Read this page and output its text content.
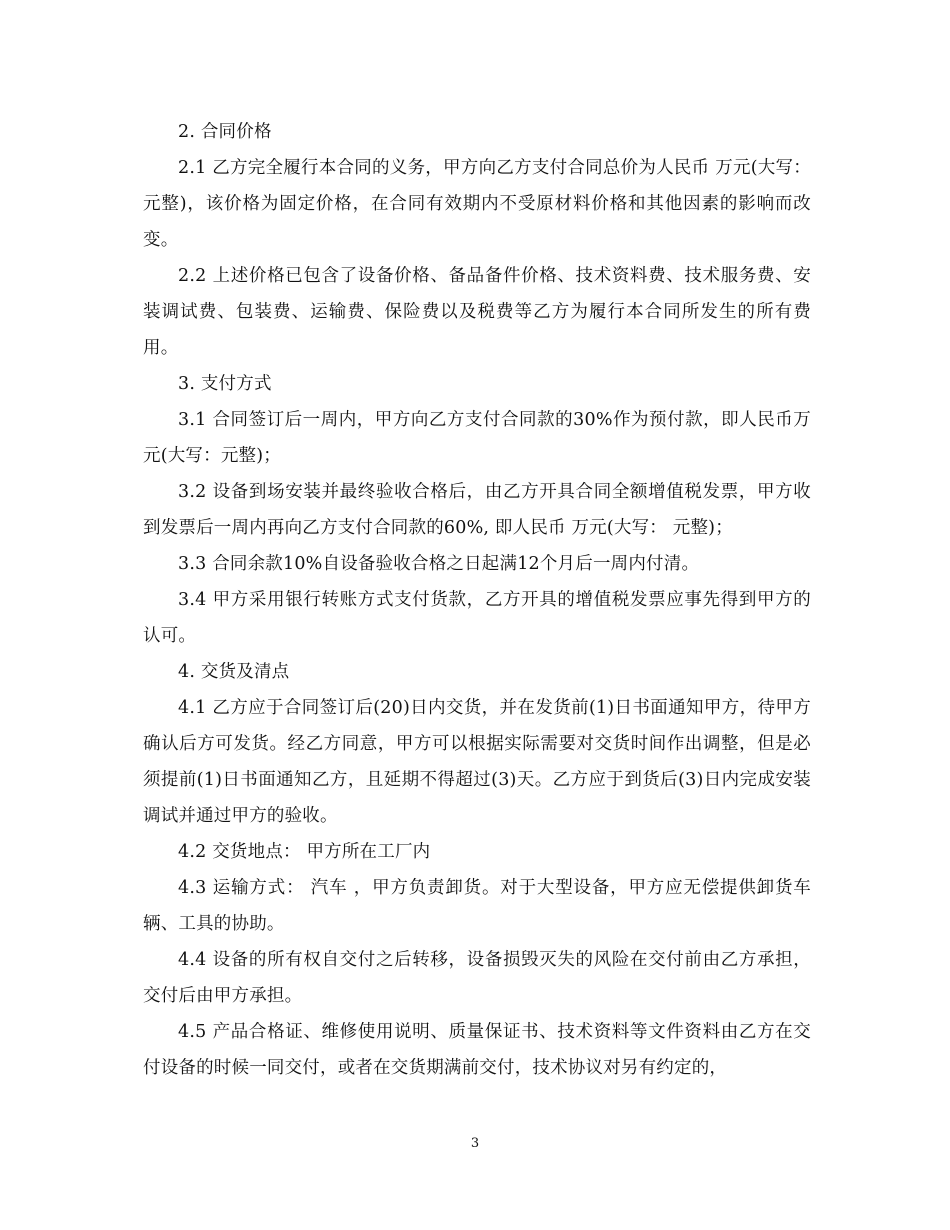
2. 合同价格

2.1 乙方完全履行本合同的义务，甲方向乙方支付合同总价为人民币 万元(大写： 元整)，该价格为固定价格，在合同有效期内不受原材料价格和其他因素的影响而改变。

2.2 上述价格已包含了设备价格、备品备件价格、技术资料费、技术服务费、安装调试费、包装费、运输费、保险费以及税费等乙方为履行本合同所发生的所有费用。

3. 支付方式

3.1 合同签订后一周内，甲方向乙方支付合同款的30%作为预付款，即人民币万元(大写：元整)；

3.2 设备到场安装并最终验收合格后，由乙方开具合同全额增值税发票，甲方收到发票后一周内再向乙方支付合同款的60%, 即人民币 万元(大写： 元整)；

3.3 合同余款10%自设备验收合格之日起满12个月后一周内付清。

3.4 甲方采用银行转账方式支付货款，乙方开具的增值税发票应事先得到甲方的认可。

4. 交货及清点

4.1 乙方应于合同签订后(20)日内交货，并在发货前(1)日书面通知甲方，待甲方确认后方可发货。经乙方同意，甲方可以根据实际需要对交货时间作出调整，但是必须提前(1)日书面通知乙方，且延期不得超过(3)天。乙方应于到货后(3)日内完成安装调试并通过甲方的验收。

4.2 交货地点： 甲方所在工厂内

4.3 运输方式： 汽车 ，甲方负责卸货。对于大型设备，甲方应无偿提供卸货车辆、工具的协助。

4.4 设备的所有权自交付之后转移，设备损毁灭失的风险在交付前由乙方承担，交付后由甲方承担。

4.5 产品合格证、维修使用说明、质量保证书、技术资料等文件资料由乙方在交付设备的时候一同交付，或者在交货期满前交付，技术协议对另有约定的，

3
